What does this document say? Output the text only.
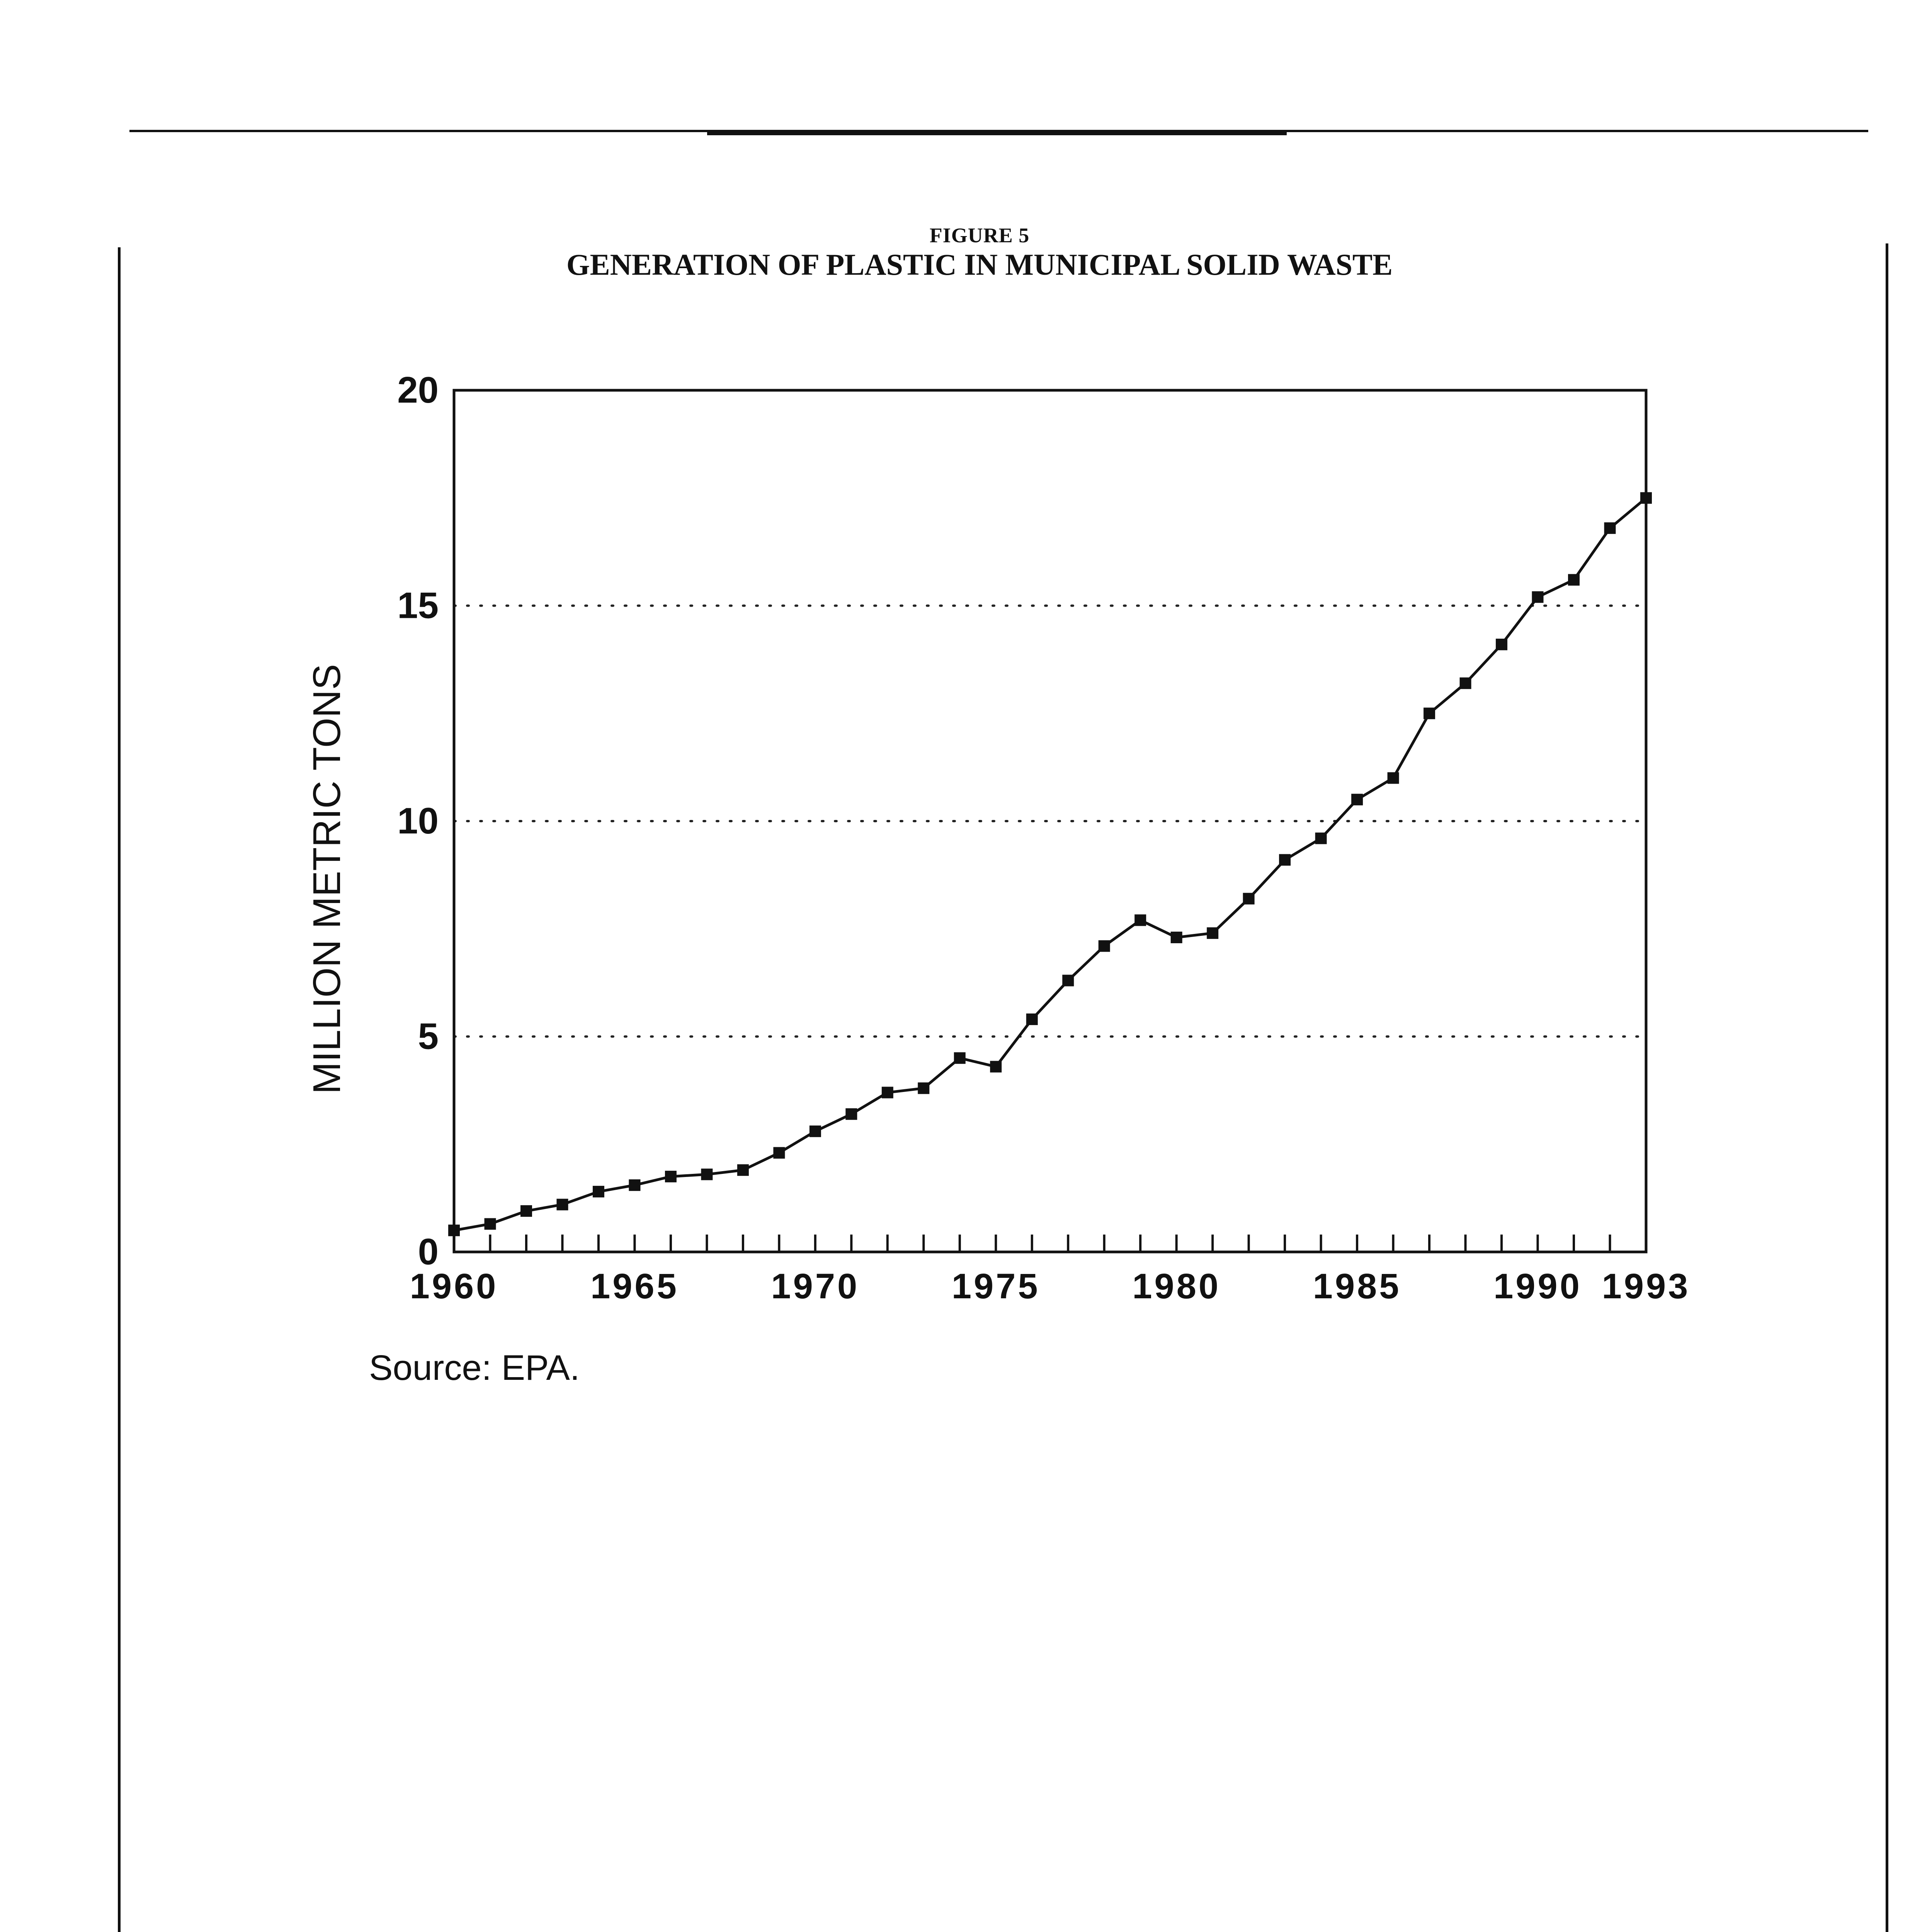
FIGURE 5
GENERATION OF PLASTIC IN MUNICIPAL SOLID WASTE
0
5
10
15
20
1960	1965	1970	1975	1980	1985	1990 1993
MILLION METRIC TONS
Source: EPA.
